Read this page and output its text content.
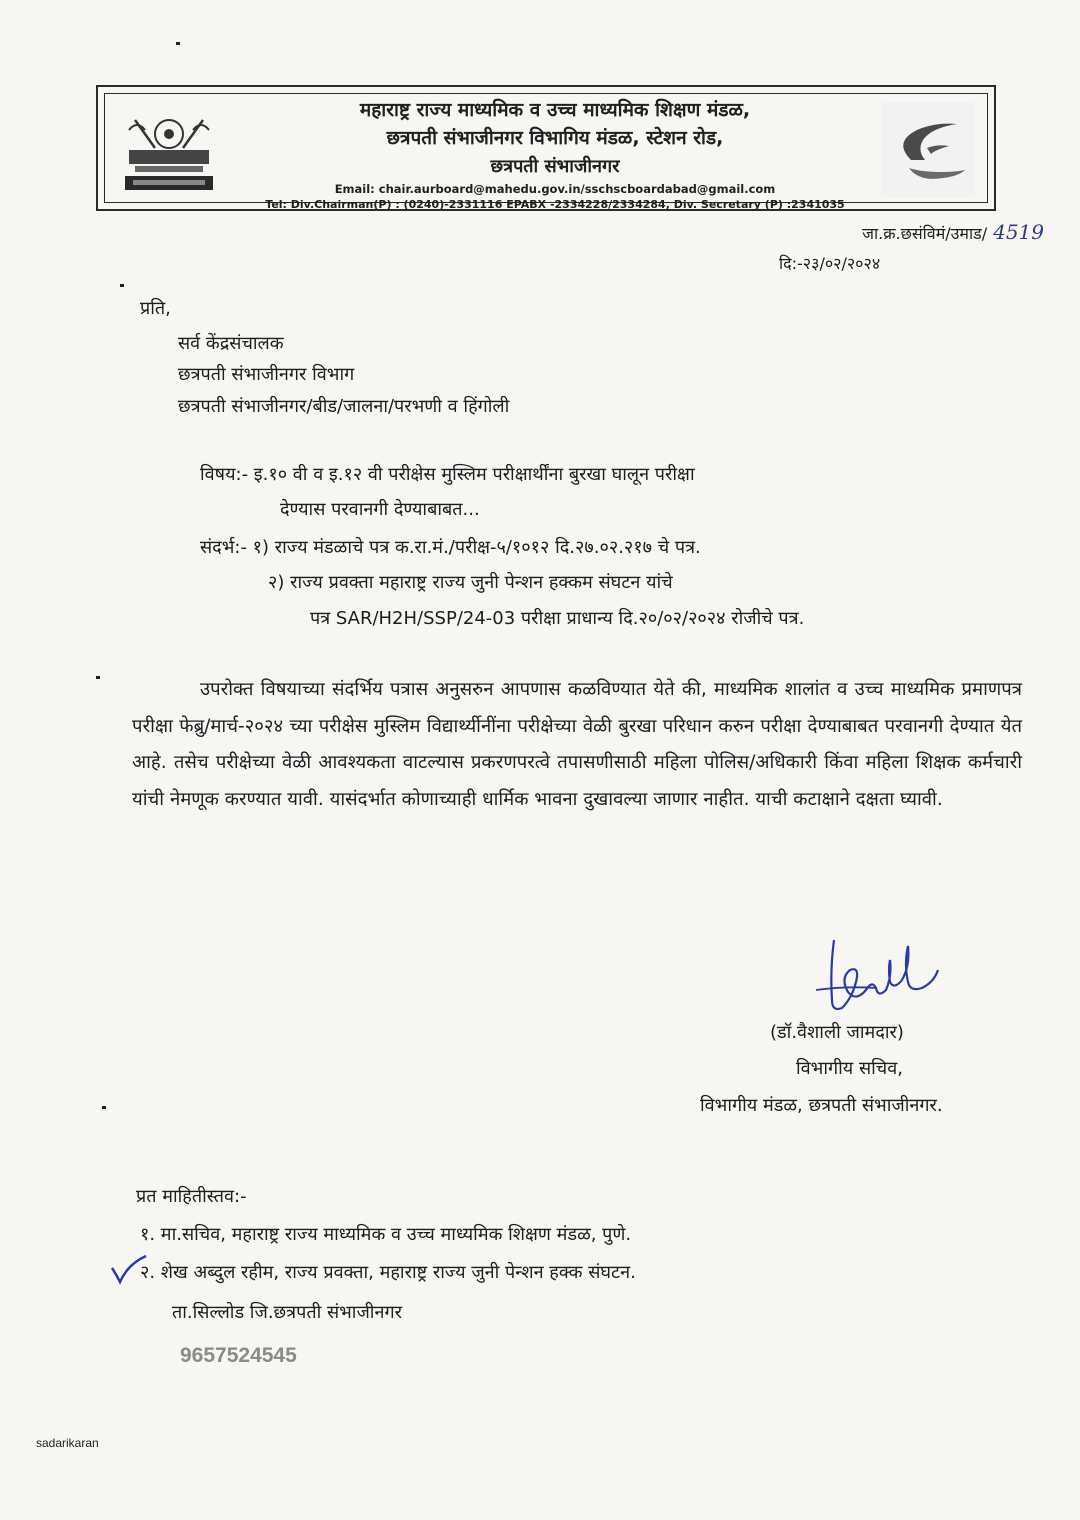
महाराष्ट्र राज्य माध्यमिक व उच्च माध्यमिक शिक्षण मंडळ,
छत्रपती संभाजीनगर विभागिय मंडळ, स्टेशन रोड,
छत्रपती संभाजीनगर
Email: chair.aurboard@mahedu.gov.in/sschscboardabad@gmail.com
Tel: Div.Chairman(P) : (0240)-2331116 EPABX -2334228/2334284, Div. Secretary (P) :2341035
जा.क्र.छसंविमं/उमाड/ 4519
दि:-२३/०२/२०२४
प्रति,
सर्व केंद्रसंचालक
छत्रपती संभाजीनगर विभाग
छत्रपती संभाजीनगर/बीड/जालना/परभणी व हिंगोली
विषय:- इ.१० वी व इ.१२ वी परीक्षेस मुस्लिम परीक्षार्थींना बुरखा घालून परीक्षा
देण्यास परवानगी देण्याबाबत...
संदर्भ:- १) राज्य मंडळाचे पत्र क.रा.मं./परीक्ष-५/१०१२ दि.२७.०२.२१७ चे पत्र.
२) राज्य प्रवक्ता महाराष्ट्र राज्य जुनी पेन्शन हक्कम संघटन यांचे
पत्र SAR/H2H/SSP/24-03 परीक्षा प्राधान्य दि.२०/०२/२०२४ रोजीचे पत्र.

उपरोक्त विषयाच्या संदर्भिय पत्रास अनुसरुन आपणास कळविण्यात येते की, माध्यमिक शालांत व उच्च माध्यमिक प्रमाणपत्र परीक्षा फेब्रु/मार्च-२०२४ च्या परीक्षेस मुस्लिम विद्यार्थ्यीनींना परीक्षेच्या वेळी बुरखा परिधान करुन परीक्षा देण्याबाबत परवानगी देण्यात येत आहे. तसेच परीक्षेच्या वेळी आवश्यकता वाटल्यास प्रकरणपरत्वे तपासणीसाठी महिला पोलिस/अधिकारी किंवा महिला शिक्षक कर्मचारी यांची नेमणूक करण्यात यावी. यासंदर्भात कोणाच्याही धार्मिक भावना दुखावल्या जाणार नाहीत. याची कटाक्षाने दक्षता घ्यावी.

(डॉ.वैशाली जामदार)
विभागीय सचिव,
विभागीय मंडळ, छत्रपती संभाजीनगर.
प्रत माहितीस्तव:-
१. मा.सचिव, महाराष्ट्र राज्य माध्यमिक व उच्च माध्यमिक शिक्षण मंडळ, पुणे.
२. शेख अब्दुल रहीम, राज्य प्रवक्ता, महाराष्ट्र राज्य जुनी पेन्शन हक्क संघटन.
ता.सिल्लोड जि.छत्रपती संभाजीनगर
9657524545
sadarikaran
